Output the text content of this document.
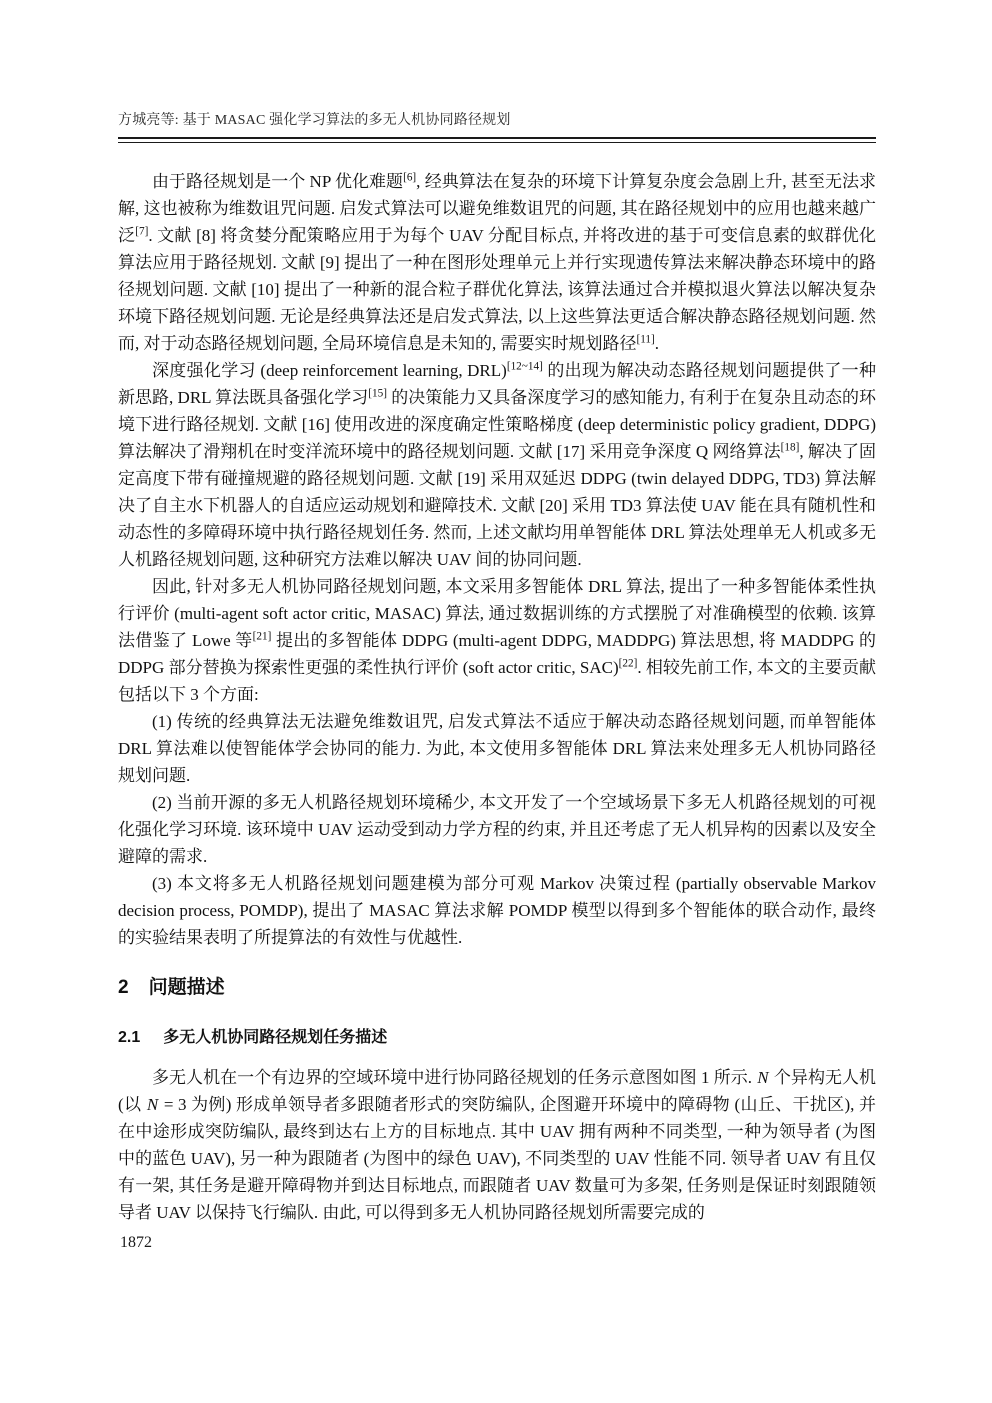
方城亮等: 基于 MASAC 强化学习算法的多无人机协同路径规划

由于路径规划是一个 NP 优化难题[6], 经典算法在复杂的环境下计算复杂度会急剧上升, 甚至无法求解, 这也被称为维数诅咒问题. 启发式算法可以避免维数诅咒的问题, 其在路径规划中的应用也越来越广泛[7]. 文献 [8] 将贪婪分配策略应用于为每个 UAV 分配目标点, 并将改进的基于可变信息素的蚁群优化算法应用于路径规划. 文献 [9] 提出了一种在图形处理单元上并行实现遗传算法来解决静态环境中的路径规划问题. 文献 [10] 提出了一种新的混合粒子群优化算法, 该算法通过合并模拟退火算法以解决复杂环境下路径规划问题. 无论是经典算法还是启发式算法, 以上这些算法更适合解决静态路径规划问题. 然而, 对于动态路径规划问题, 全局环境信息是未知的, 需要实时规划路径[11].

深度强化学习 (deep reinforcement learning, DRL)[12~14] 的出现为解决动态路径规划问题提供了一种新思路, DRL 算法既具备强化学习[15] 的决策能力又具备深度学习的感知能力, 有利于在复杂且动态的环境下进行路径规划. 文献 [16] 使用改进的深度确定性策略梯度 (deep deterministic policy gradient, DDPG) 算法解决了滑翔机在时变洋流环境中的路径规划问题. 文献 [17] 采用竞争深度 Q 网络算法[18], 解决了固定高度下带有碰撞规避的路径规划问题. 文献 [19] 采用双延迟 DDPG (twin delayed DDPG, TD3) 算法解决了自主水下机器人的自适应运动规划和避障技术. 文献 [20] 采用 TD3 算法使 UAV 能在具有随机性和动态性的多障碍环境中执行路径规划任务. 然而, 上述文献均用单智能体 DRL 算法处理单无人机或多无人机路径规划问题, 这种研究方法难以解决 UAV 间的协同问题.

因此, 针对多无人机协同路径规划问题, 本文采用多智能体 DRL 算法, 提出了一种多智能体柔性执行评价 (multi-agent soft actor critic, MASAC) 算法, 通过数据训练的方式摆脱了对准确模型的依赖. 该算法借鉴了 Lowe 等[21] 提出的多智能体 DDPG (multi-agent DDPG, MADDPG) 算法思想, 将 MADDPG 的 DDPG 部分替换为探索性更强的柔性执行评价 (soft actor critic, SAC)[22]. 相较先前工作, 本文的主要贡献包括以下 3 个方面:

(1) 传统的经典算法无法避免维数诅咒, 启发式算法不适应于解决动态路径规划问题, 而单智能体 DRL 算法难以使智能体学会协同的能力. 为此, 本文使用多智能体 DRL 算法来处理多无人机协同路径规划问题.

(2) 当前开源的多无人机路径规划环境稀少, 本文开发了一个空域场景下多无人机路径规划的可视化强化学习环境. 该环境中 UAV 运动受到动力学方程的约束, 并且还考虑了无人机异构的因素以及安全避障的需求.

(3) 本文将多无人机路径规划问题建模为部分可观 Markov 决策过程 (partially observable Markov decision process, POMDP), 提出了 MASAC 算法求解 POMDP 模型以得到多个智能体的联合动作, 最终的实验结果表明了所提算法的有效性与优越性.

2 问题描述
2.1 多无人机协同路径规划任务描述

多无人机在一个有边界的空域环境中进行协同路径规划的任务示意图如图 1 所示. N 个异构无人机 (以 N = 3 为例) 形成单领导者多跟随者形式的突防编队, 企图避开环境中的障碍物 (山丘、干扰区), 并在中途形成突防编队, 最终到达右上方的目标地点. 其中 UAV 拥有两种不同类型, 一种为领导者 (为图中的蓝色 UAV), 另一种为跟随者 (为图中的绿色 UAV), 不同类型的 UAV 性能不同. 领导者 UAV 有且仅有一架, 其任务是避开障碍物并到达目标地点, 而跟随者 UAV 数量可为多架, 任务则是保证时刻跟随领导者 UAV 以保持飞行编队. 由此, 可以得到多无人机协同路径规划所需要完成的

1872
